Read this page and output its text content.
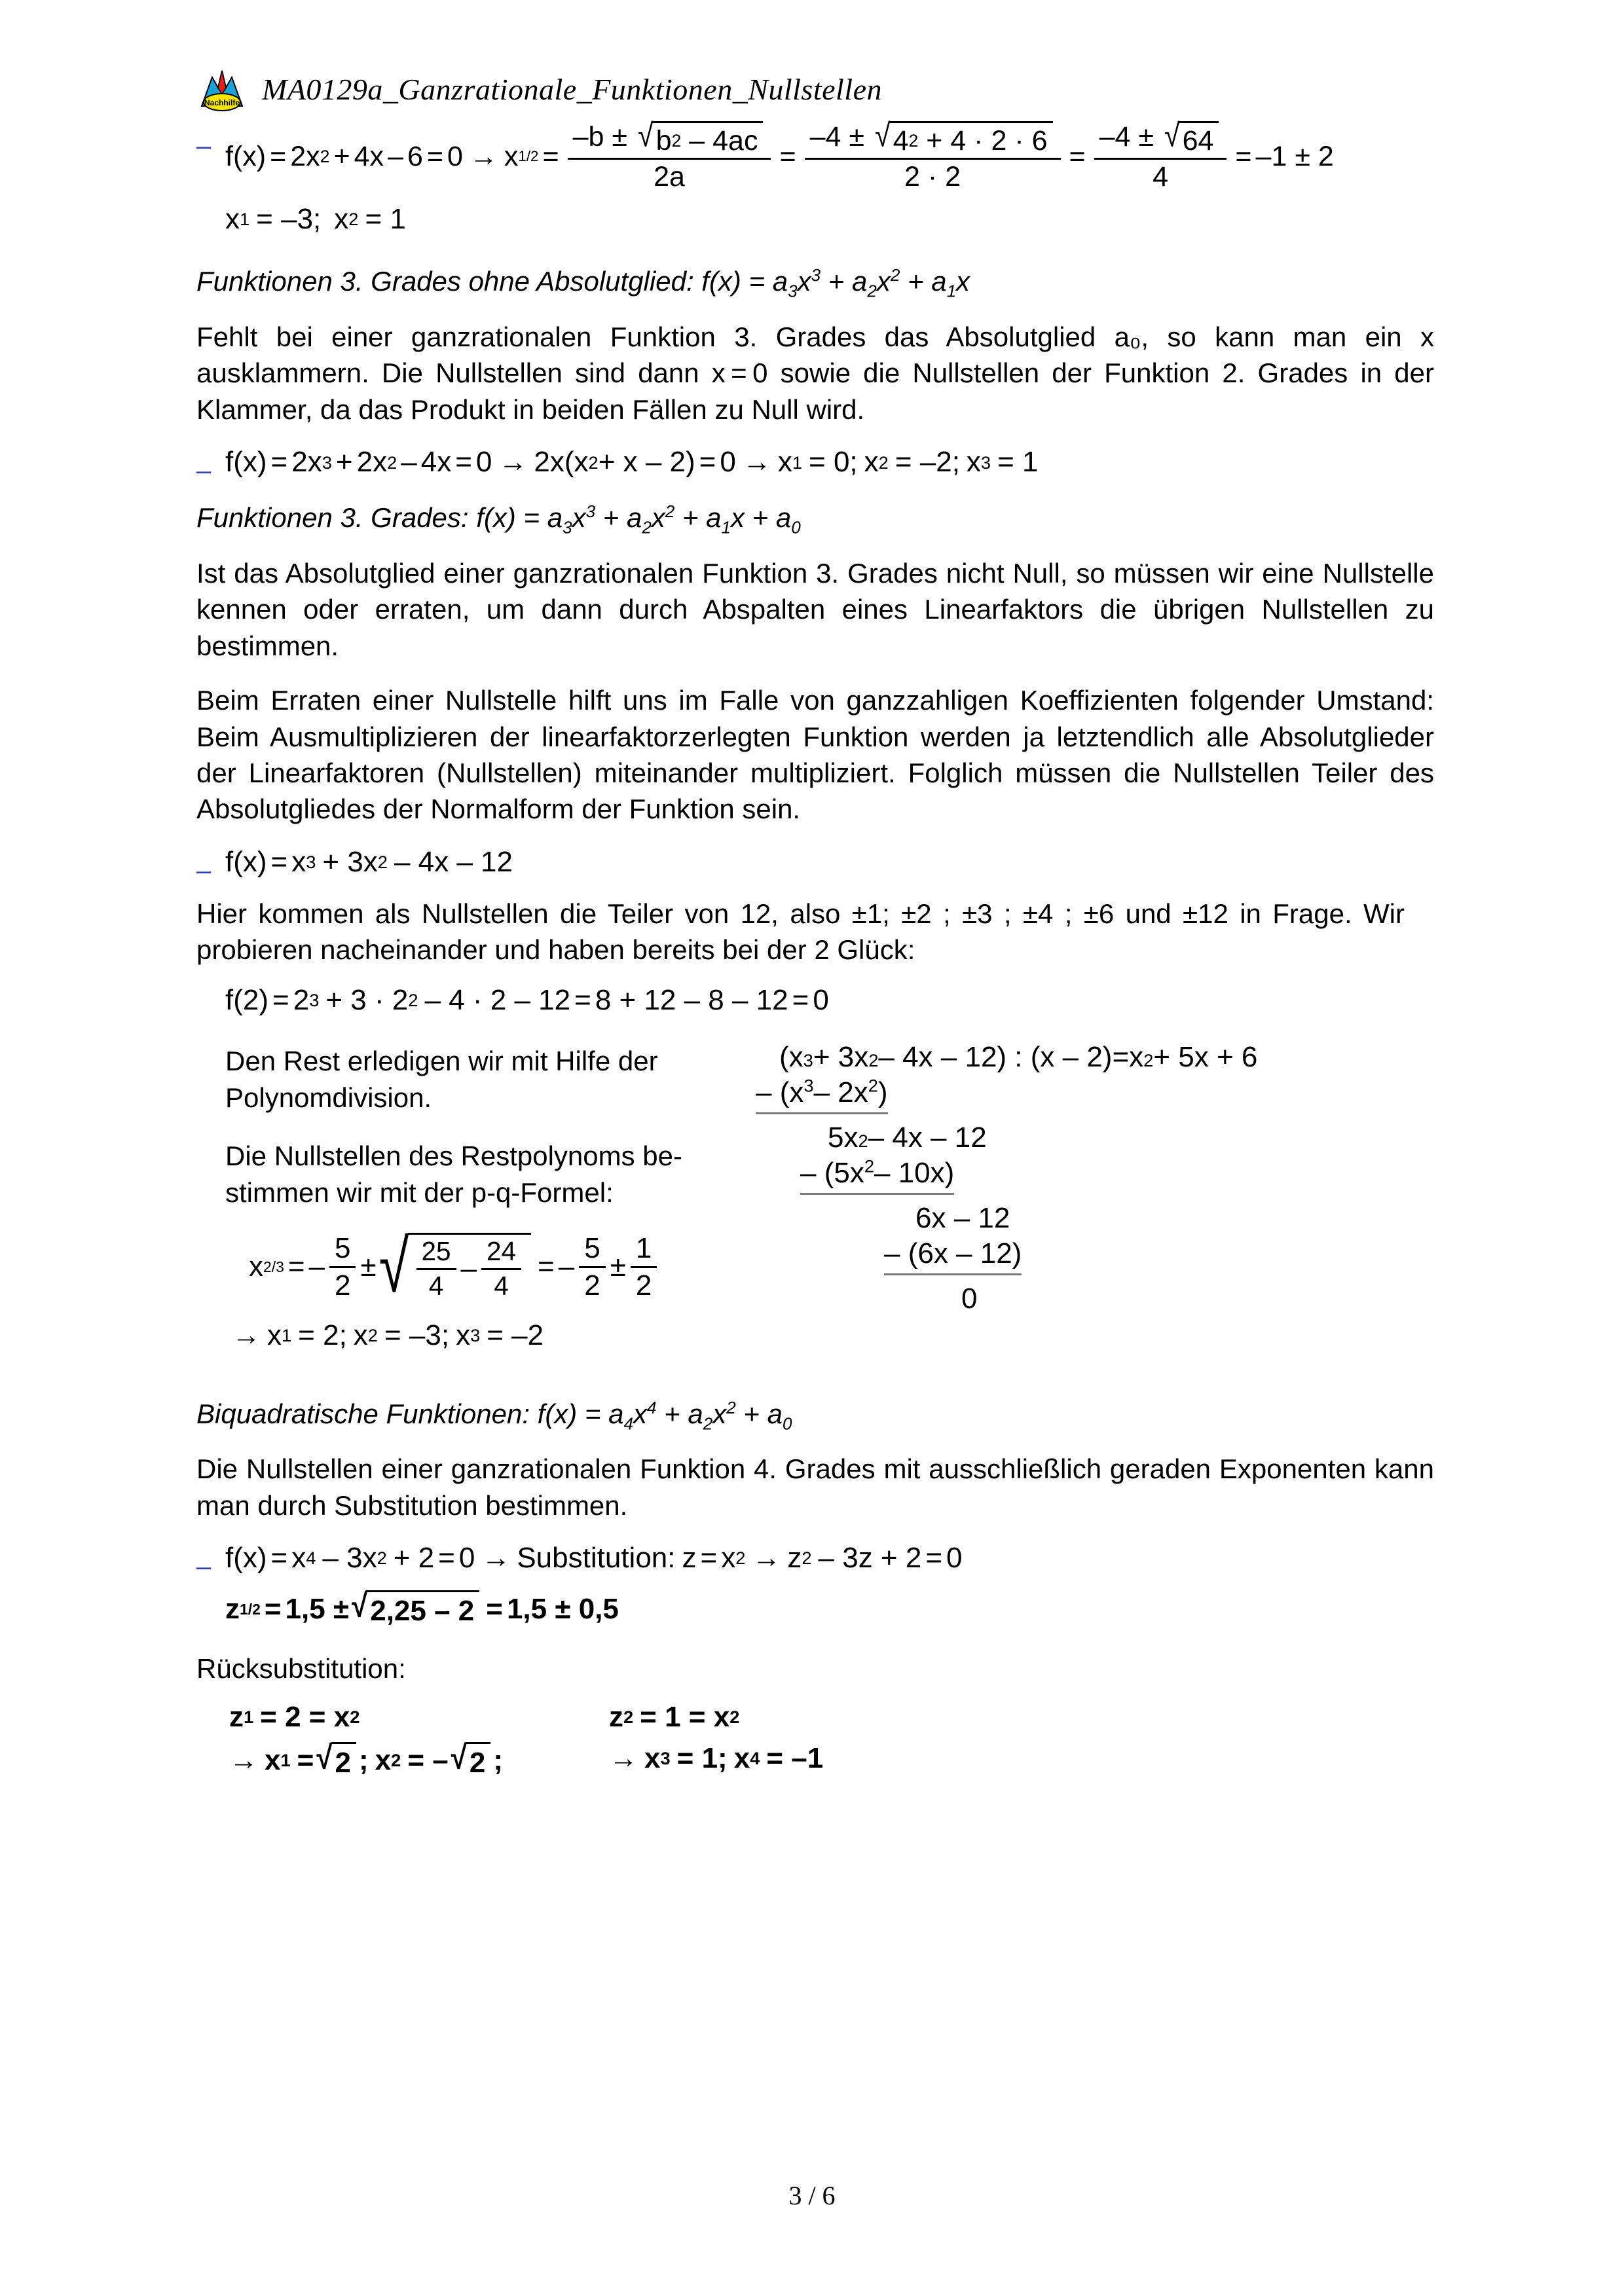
Nachhilfe MA0129a_Ganzrationale_Funktionen_Nullstellen
– f(x) = 2x 2 + 4x – 6 = 0 → x 1/2 = –b ± √ b 2
– 4ac
2a = –4 ± √ 4 2
+ 4 · 2 · 6
$2 \cdot 2 = \frac{-4 \pm √ 64}{4} = -1 \pm 2$
x 1 = –3; x 2 = 1
Funktionen 3. Grades ohne Absolutglied: $f(x) = a_3x^3 + a_2x^2 + a_1x$

Fehlt bei einer ganzrationalen Funktion 3. Grades das Absolutglied a₀, so kann man ein x ausklammern. Die Nullstellen sind dann x = 0 sowie die Nullstellen der Funktion 2. Grades in der Klammer, da das Produkt in beiden Fällen zu Null wird.

– f(x) = 2x 3 + 2x 2 – 4x = 0 → 2x(x 2 + x – 2) = 0 → x 1 = 0; x 2 = –2; x 3 = 1
Funktionen 3. Grades: $f(x) = a_3x^3 + a_2x^2 + a_1x + a_0$

Ist das Absolutglied einer ganzrationalen Funktion 3. Grades nicht Null, so müssen wir eine Nullstelle kennen oder erraten, um dann durch Abspalten eines Linearfaktors die übrigen Nullstellen zu bestimmen.

Beim Erraten einer Nullstelle hilft uns im Falle von ganzzahligen Koeffizienten folgender Umstand: Beim Ausmultiplizieren der linearfaktorzerlegten Funktion werden ja letztendlich alle Absolutglieder der Linearfaktoren (Nullstellen) miteinander multipliziert. Folglich müssen die Nullstellen Teiler des Absolutgliedes der Normalform der Funktion sein.

– f(x) = x 3 + 3x 2 – 4x – 12

Hier kommen als Nullstellen die Teiler von 12, also ±1; ±2 ; ±3 ; ±4 ; ±6 und ±12 in Frage. Wir probieren nacheinander und haben bereits bei der 2 Glück:

f(2) = 2 3 + 3 · 2 2 – 4 · 2 – 12 = 8 + 12 – 8 – 12 = 0

Den Rest erledigen wir mit Hilfe der Polynomdivision.

Die Nullstellen des Restpolynoms be-stimmen wir mit der p-q-Formel:

x 2/3 = – $\frac{5}{2}$ ± √ $\frac{25}{4} - \frac{24}{4}$ = – $\frac{5}{2} \pm \frac{1}{2}$
→ x 1 = 2; x 2 = –3; x 3 = –2
(x 3 + 3x 2 – 4x – 12) : (x – 2) = x 2 + 5x + 6
– ($x^3-$ $2x^2$)
5x 2 – 4x – 12
– ($5x^2-$ 10x)
6x – 12
– (6x – 12)
0
Biquadratische Funktionen: $f(x) = a_4x^4 + a_2x^2 + a_0$

Die Nullstellen einer ganzrationalen Funktion 4. Grades mit ausschließlich geraden Exponenten kann man durch Substitution bestimmen.

– f(x) = x 4 – 3x 2 + 2 = 0 → Substitution: z = x 2 → z 2 – 3z + 2 = 0
z 1/2 = 1,5 ± √ 2,25 – 2 = 1,5 ± 0,5

Rücksubstitution:

z 1 = 2 = x 2
→ x 1 = √ 2 ; x 2 = – √ 2 ;
z 2 = 1 = x 2
→ x 3 = 1; x 4 = –1
3 / 6
